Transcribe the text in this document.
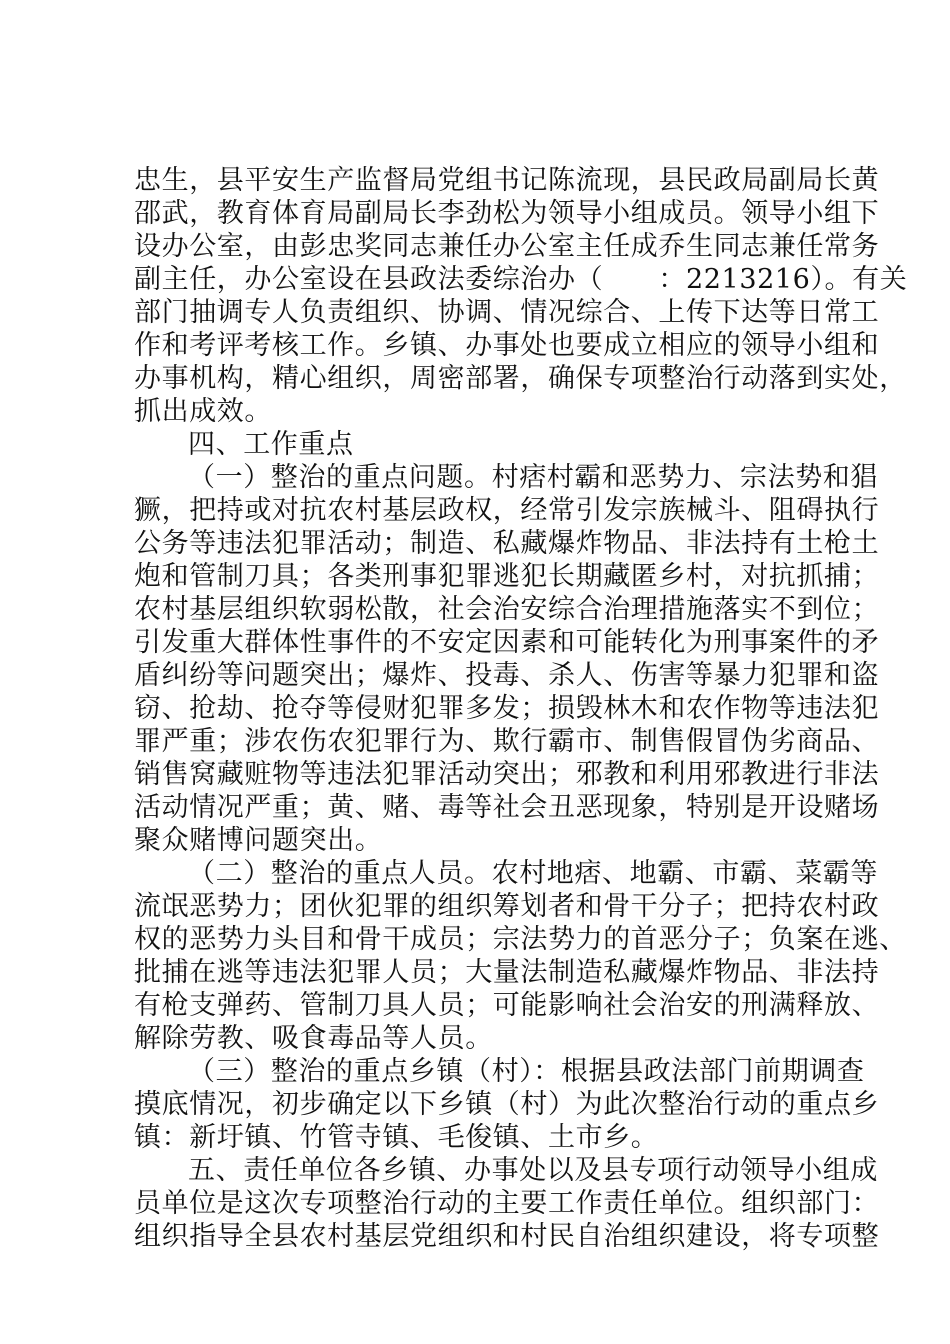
忠生，县平安生产监督局党组书记陈流现，县民政局副局长黄
邵武，教育体育局副局长李劲松为领导小组成员。领导小组下
设办公室，由彭忠奖同志兼任办公室主任成乔生同志兼任常务
副主任，办公室设在县政法委综治办（　　：2213216）。有关
部门抽调专人负责组织、协调、情况综合、上传下达等日常工
作和考评考核工作。乡镇、办事处也要成立相应的领导小组和
办事机构，精心组织，周密部署，确保专项整治行动落到实处，
抓出成效。
四、工作重点
（一）整治的重点问题。村痞村霸和恶势力、宗法势和猖
獗，把持或对抗农村基层政权，经常引发宗族械斗、阻碍执行
公务等违法犯罪活动；制造、私藏爆炸物品、非法持有土枪土
炮和管制刀具；各类刑事犯罪逃犯长期藏匿乡村，对抗抓捕；
农村基层组织软弱松散，社会治安综合治理措施落实不到位；
引发重大群体性事件的不安定因素和可能转化为刑事案件的矛
盾纠纷等问题突出；爆炸、投毒、杀人、伤害等暴力犯罪和盗
窃、抢劫、抢夺等侵财犯罪多发；损毁林木和农作物等违法犯
罪严重；涉农伤农犯罪行为、欺行霸市、制售假冒伪劣商品、
销售窝藏赃物等违法犯罪活动突出；邪教和利用邪教进行非法
活动情况严重；黄、赌、毒等社会丑恶现象，特别是开设赌场
聚众赌博问题突出。
（二）整治的重点人员。农村地痞、地霸、市霸、菜霸等
流氓恶势力；团伙犯罪的组织筹划者和骨干分子；把持农村政
权的恶势力头目和骨干成员；宗法势力的首恶分子；负案在逃、
批捕在逃等违法犯罪人员；大量法制造私藏爆炸物品、非法持
有枪支弹药、管制刀具人员；可能影响社会治安的刑满释放、
解除劳教、吸食毒品等人员。
（三）整治的重点乡镇（村）：根据县政法部门前期调查
摸底情况，初步确定以下乡镇（村）为此次整治行动的重点乡
镇：新圩镇、竹管寺镇、毛俊镇、土市乡。
五、责任单位各乡镇、办事处以及县专项行动领导小组成
员单位是这次专项整治行动的主要工作责任单位。组织部门：
组织指导全县农村基层党组织和村民自治组织建设，将专项整
